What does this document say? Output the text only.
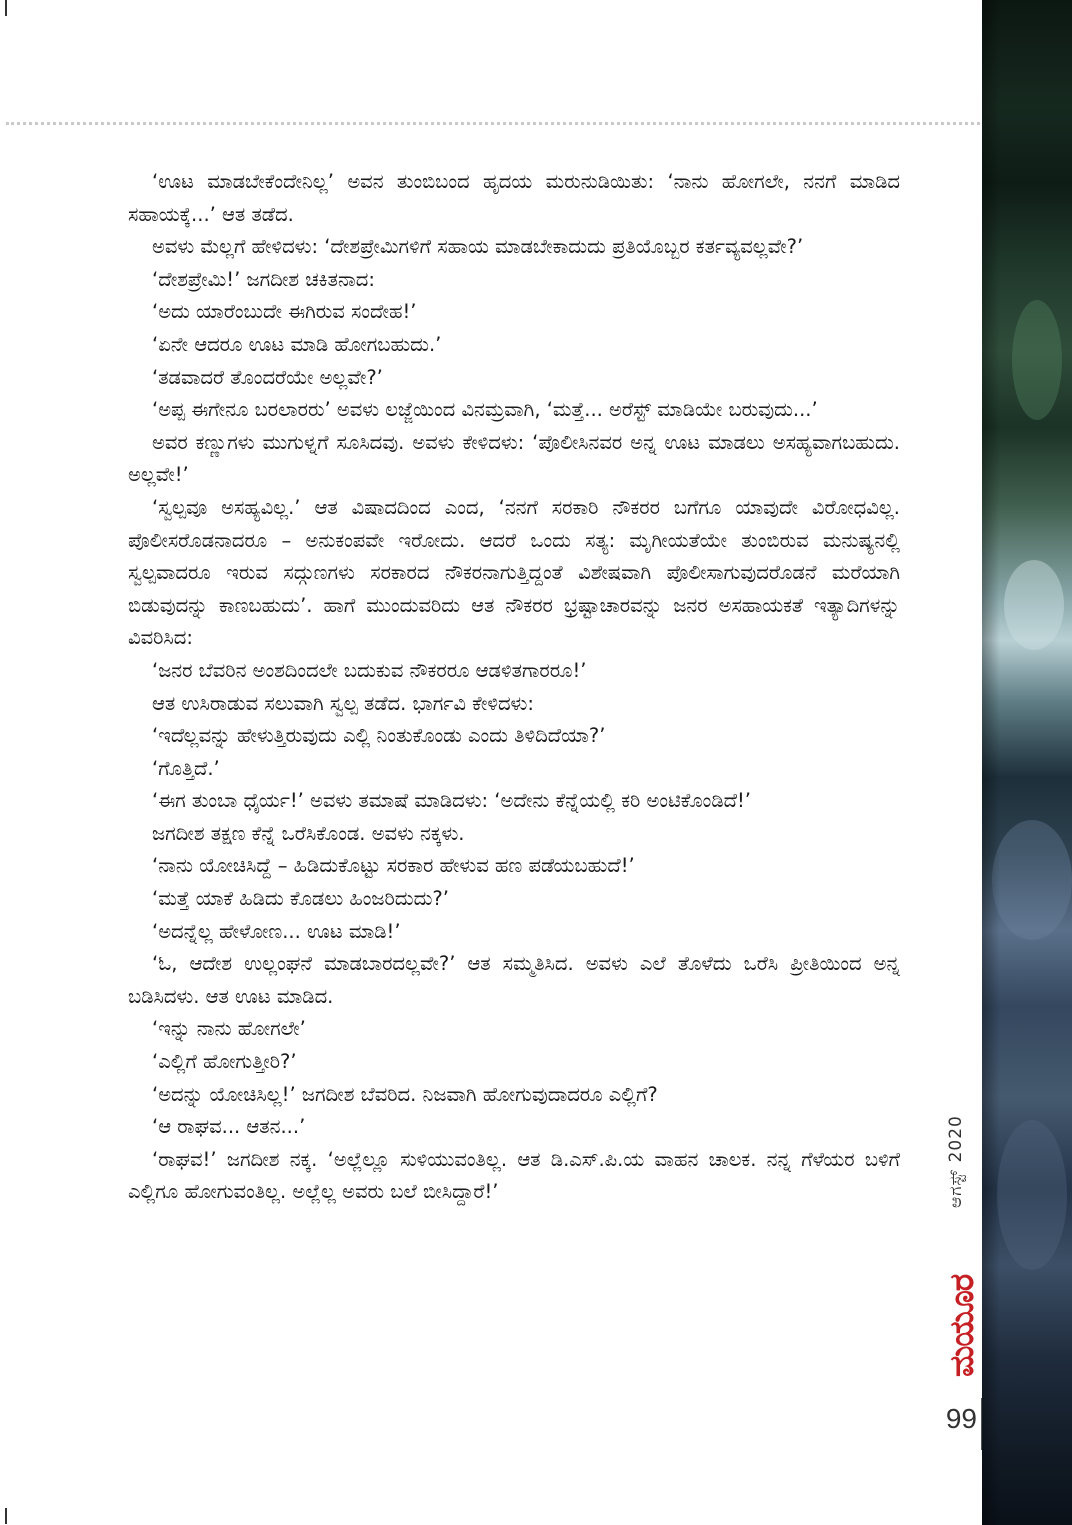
‘ಊಟ ಮಾಡಬೇಕೆಂದೇನಿಲ್ಲ’ ಅವನ ತುಂಬಿಬಂದ ಹೃದಯ ಮರುನುಡಿಯಿತು: ‘ನಾನು ಹೋಗಲೇ, ನನಗೆ ಮಾಡಿದ ಸಹಾಯಕ್ಕೆ...’ ಆತ ತಡೆದ.

ಅವಳು ಮೆಲ್ಲಗೆ ಹೇಳಿದಳು: ‘ದೇಶಪ್ರೇಮಿಗಳಿಗೆ ಸಹಾಯ ಮಾಡಬೇಕಾದುದು ಪ್ರತಿಯೊಬ್ಬರ ಕರ್ತವ್ಯವಲ್ಲವೇ?’

‘ದೇಶಪ್ರೇಮಿ!’ ಜಗದೀಶ ಚಕಿತನಾದ:

‘ಅದು ಯಾರೆಂಬುದೇ ಈಗಿರುವ ಸಂದೇಹ!’

‘ಏನೇ ಆದರೂ ಊಟ ಮಾಡಿ ಹೋಗಬಹುದು.’

‘ತಡವಾದರೆ ತೊಂದರೆಯೇ ಅಲ್ಲವೇ?’

‘ಅಪ್ಪ ಈಗೇನೂ ಬರಲಾರರು’ ಅವಳು ಲಜ್ಜೆಯಿಂದ ವಿನಮ್ರವಾಗಿ, ‘ಮತ್ತೆ... ಅರೆಸ್ಟ್ ಮಾಡಿಯೇ ಬರುವುದು...’

ಅವರ ಕಣ್ಣುಗಳು ಮುಗುಳ್ನಗೆ ಸೂಸಿದವು. ಅವಳು ಕೇಳಿದಳು: ‘ಪೊಲೀಸಿನವರ ಅನ್ನ ಊಟ ಮಾಡಲು ಅಸಹ್ಯವಾಗಬಹುದು. ಅಲ್ಲವೇ!’

‘ಸ್ವಲ್ಪವೂ ಅಸಹ್ಯವಿಲ್ಲ.’ ಆತ ವಿಷಾದದಿಂದ ಎಂದ, ‘ನನಗೆ ಸರಕಾರಿ ನೌಕರರ ಬಗೆಗೂ ಯಾವುದೇ ವಿರೋಧವಿಲ್ಲ. ಪೊಲೀಸರೊಡನಾದರೂ – ಅನುಕಂಪವೇ ಇರೋದು. ಆದರೆ ಒಂದು ಸತ್ಯ: ಮೃಗೀಯತೆಯೇ ತುಂಬಿರುವ ಮನುಷ್ಯನಲ್ಲಿ ಸ್ವಲ್ಪವಾದರೂ ಇರುವ ಸದ್ಗುಣಗಳು ಸರಕಾರದ ನೌಕರನಾಗುತ್ತಿದ್ದಂತೆ ವಿಶೇಷವಾಗಿ ಪೊಲೀಸಾಗುವುದರೊಡನೆ ಮರೆಯಾಗಿ ಬಿಡುವುದನ್ನು ಕಾಣಬಹುದು’. ಹಾಗೆ ಮುಂದುವರಿದು ಆತ ನೌಕರರ ಭ್ರಷ್ಟಾಚಾರವನ್ನು ಜನರ ಅಸಹಾಯಕತೆ ಇತ್ಯಾದಿಗಳನ್ನು ವಿವರಿಸಿದ:

‘ಜನರ ಬೆವರಿನ ಅಂಶದಿಂದಲೇ ಬದುಕುವ ನೌಕರರೂ ಆಡಳಿತಗಾರರೂ!’

ಆತ ಉಸಿರಾಡುವ ಸಲುವಾಗಿ ಸ್ವಲ್ಪ ತಡೆದ. ಭಾರ್ಗವಿ ಕೇಳಿದಳು:

‘ಇದೆಲ್ಲವನ್ನು ಹೇಳುತ್ತಿರುವುದು ಎಲ್ಲಿ ನಿಂತುಕೊಂಡು ಎಂದು ತಿಳಿದಿದೆಯಾ?’

‘ಗೊತ್ತಿದೆ.’

‘ಈಗ ತುಂಬಾ ಧೈರ್ಯ!’ ಅವಳು ತಮಾಷೆ ಮಾಡಿದಳು: ‘ಅದೇನು ಕೆನ್ನೆಯಲ್ಲಿ ಕರಿ ಅಂಟಿಕೊಂಡಿದೆ!’

ಜಗದೀಶ ತಕ್ಷಣ ಕೆನ್ನೆ ಒರೆಸಿಕೊಂಡ. ಅವಳು ನಕ್ಕಳು.

‘ನಾನು ಯೋಚಿಸಿದ್ದೆ – ಹಿಡಿದುಕೊಟ್ಟು ಸರಕಾರ ಹೇಳುವ ಹಣ ಪಡೆಯಬಹುದೆ!’

‘ಮತ್ತೆ ಯಾಕೆ ಹಿಡಿದು ಕೊಡಲು ಹಿಂಜರಿದುದು?’

‘ಅದನ್ನೆಲ್ಲ ಹೇಳೋಣ... ಊಟ ಮಾಡಿ!’

‘ಓ, ಆದೇಶ ಉಲ್ಲಂಘನೆ ಮಾಡಬಾರದಲ್ಲವೇ?’ ಆತ ಸಮ್ಮತಿಸಿದ. ಅವಳು ಎಲೆ ತೊಳೆದು ಒರೆಸಿ ಪ್ರೀತಿಯಿಂದ ಅನ್ನ ಬಡಿಸಿದಳು. ಆತ ಊಟ ಮಾಡಿದ.

‘ಇನ್ನು ನಾನು ಹೋಗಲೇ’

‘ಎಲ್ಲಿಗೆ ಹೋಗುತ್ತೀರಿ?’

‘ಅದನ್ನು ಯೋಚಿಸಿಲ್ಲ!’ ಜಗದೀಶ ಬೆವರಿದ. ನಿಜವಾಗಿ ಹೋಗುವುದಾದರೂ ಎಲ್ಲಿಗೆ?

‘ಆ ರಾಘವ... ಆತನ...’

‘ರಾಘವ!’ ಜಗದೀಶ ನಕ್ಕ. ‘ಅಲ್ಲೆಲ್ಲೂ ಸುಳಿಯುವಂತಿಲ್ಲ. ಆತ ಡಿ.ಎಸ್.ಪಿ.ಯ ವಾಹನ ಚಾಲಕ. ನನ್ನ ಗೆಳೆಯರ ಬಳಿಗೆ ಎಲ್ಲಿಗೂ ಹೋಗುವಂತಿಲ್ಲ. ಅಲ್ಲೆಲ್ಲ ಅವರು ಬಲೆ ಬೀಸಿದ್ದಾರೆ!’	ಆಗಸ್ಟ್ 2020
ಮಯೂರ
99
